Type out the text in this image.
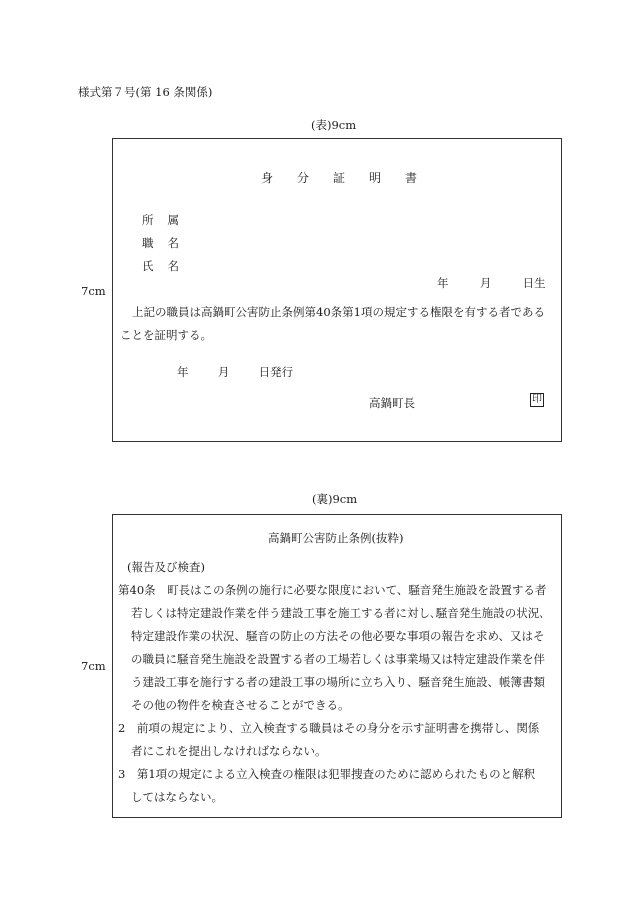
様式第７号(第 16 条関係)
(表)9cm
7cm
身 分 証 明 書
所 属
職 名
氏 名
年	月	日生
上記の職員は高鍋町公害防止条例第40条第1項の規定する権限を有する者である
ことを証明する。
年	月	日発行
高鍋町長	印
(裏)9cm
7cm
高鍋町公害防止条例(抜粋)
(報告及び検査)
第40条　町長はこの条例の施行に必要な限度において、騒音発生施設を設置する者
若しくは特定建設作業を伴う建設工事を施工する者に対し､騒音発生施設の状況､
特定建設作業の状況、騒音の防止の方法その他必要な事項の報告を求め、又はそ
の職員に騒音発生施設を設置する者の工場若しくは事業場又は特定建設作業を伴
う建設工事を施行する者の建設工事の場所に立ち入り、騒音発生施設、帳簿書類
その他の物件を検査させることができる。
2　前項の規定により、立入検査する職員はその身分を示す証明書を携帯し、関係
者にこれを提出しなければならない。
3　第1項の規定による立入検査の権限は犯罪捜査のために認められたものと解釈
してはならない。
